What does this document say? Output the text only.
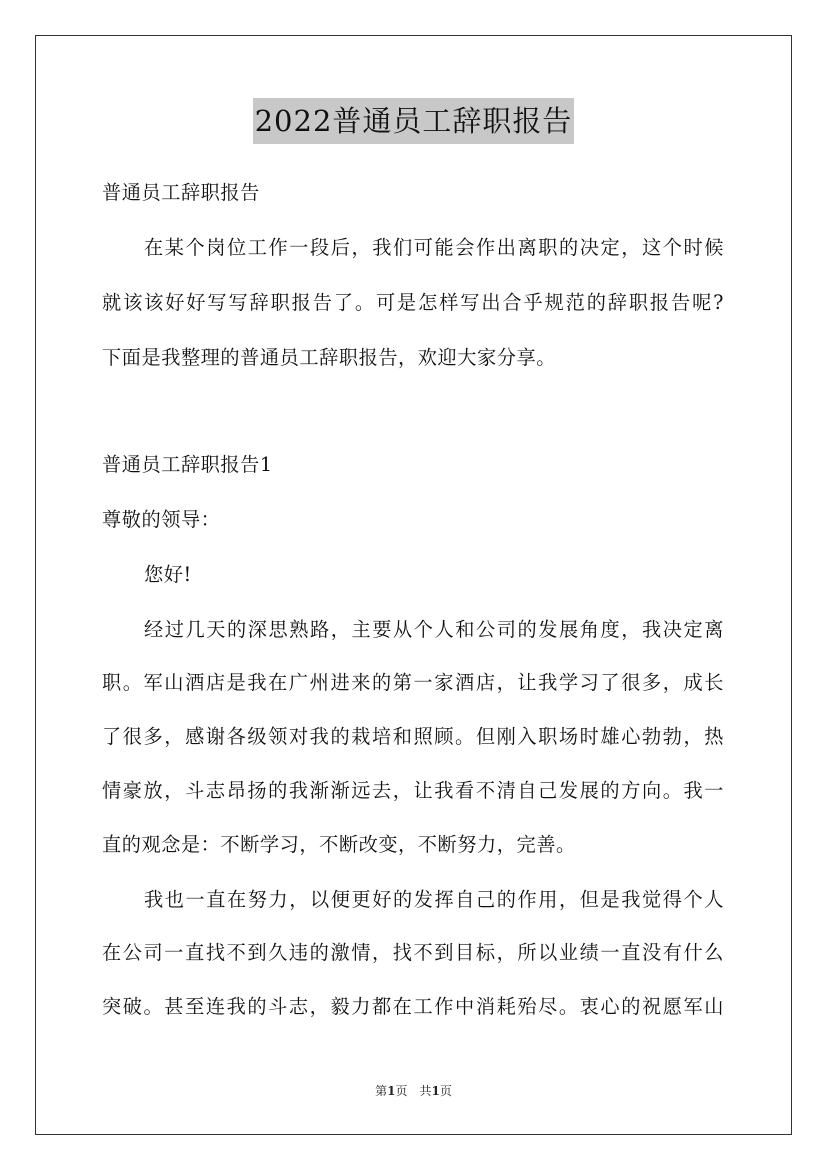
2022普通员工辞职报告
普通员工辞职报告
在某个岗位工作一段后，我们可能会作出离职的决定，这个时候
就该该好好写写辞职报告了。可是怎样写出合乎规范的辞职报告呢?
下面是我整理的普通员工辞职报告，欢迎大家分享。
普通员工辞职报告1
尊敬的领导：
您好!
经过几天的深思熟路，主要从个人和公司的发展角度，我决定离
职。军山酒店是我在广州进来的第一家酒店，让我学习了很多，成长
了很多，感谢各级领对我的栽培和照顾。但刚入职场时雄心勃勃，热
情豪放，斗志昂扬的我渐渐远去，让我看不清自己发展的方向。我一
直的观念是：不断学习，不断改变，不断努力，完善。
我也一直在努力，以便更好的发挥自己的作用，但是我觉得个人
在公司一直找不到久违的激情，找不到目标，所以业绩一直没有什么
突破。甚至连我的斗志，毅力都在工作中消耗殆尽。衷心的祝愿军山
第1页 共1页
